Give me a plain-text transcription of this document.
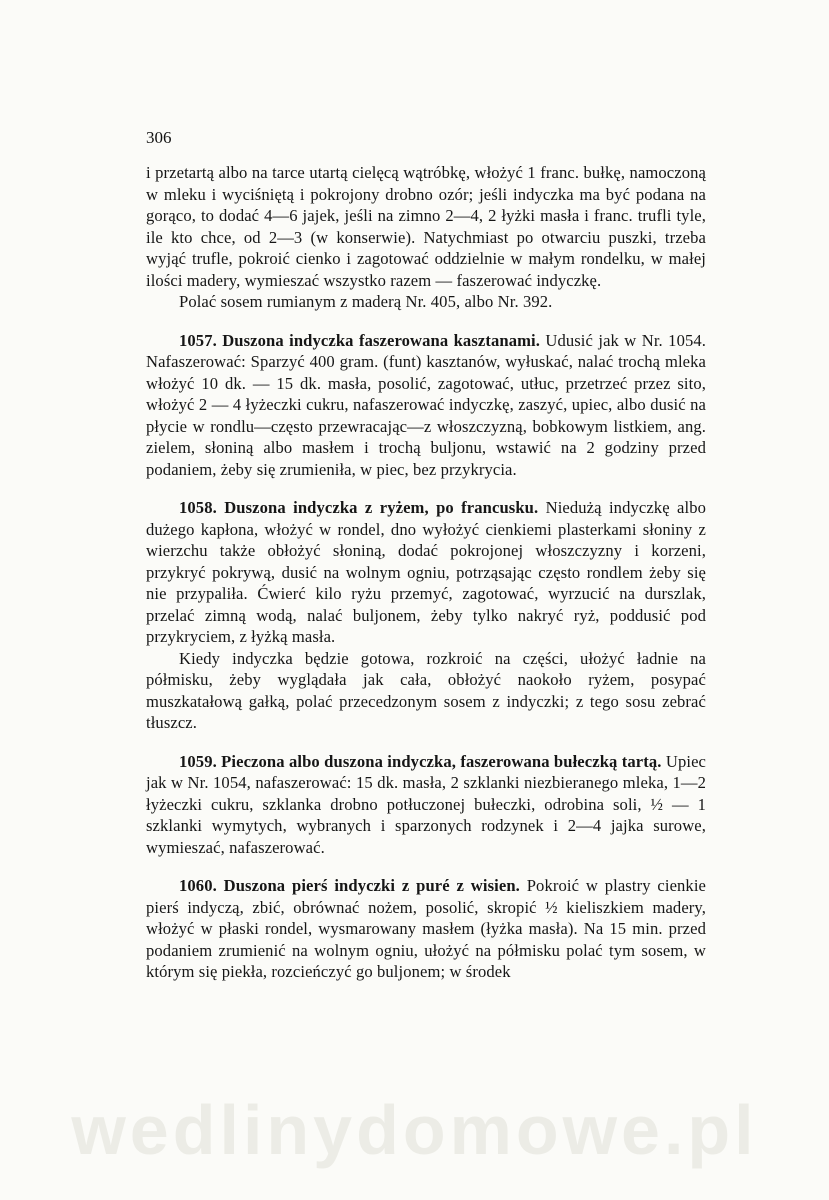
306

i przetartą albo na tarce utartą cielęcą wątróbkę, włożyć 1 franc. bułkę, namoczoną w mleku i wyciśniętą i pokrojony drobno ozór; jeśli indyczka ma być podana na gorąco, to dodać 4—6 jajek, jeśli na zimno 2—4, 2 łyżki masła i franc. trufli tyle, ile kto chce, od 2—3 (w konserwie). Natychmiast po otwarciu puszki, trzeba wyjąć trufle, pokroić cienko i zagotować oddzielnie w małym rondelku, w małej ilości madery, wymieszać wszystko razem — faszerować indyczkę.

Polać sosem rumianym z maderą Nr. 405, albo Nr. 392.

1057. Duszona indyczka faszerowana kasztanami. Udusić jak w Nr. 1054. Nafaszerować: Sparzyć 400 gram. (funt) kasztanów, wyłuskać, nalać trochą mleka włożyć 10 dk. — 15 dk. masła, posolić, zagotować, utłuc, przetrzeć przez sito, włożyć 2 — 4 łyżeczki cukru, nafaszerować indyczkę, zaszyć, upiec, albo dusić na płycie w rondlu—często przewracając—z włoszczyzną, bobkowym listkiem, ang. zielem, słoniną albo masłem i trochą buljonu, wstawić na 2 godziny przed podaniem, żeby się zrumieniła, w piec, bez przykrycia.

1058. Duszona indyczka z ryżem, po francusku. Niedużą indyczkę albo dużego kapłona, włożyć w rondel, dno wyłożyć cienkiemi plasterkami słoniny z wierzchu także obłożyć słoniną, dodać pokrojonej włoszczyzny i korzeni, przykryć pokrywą, dusić na wolnym ogniu, potrząsając często rondlem żeby się nie przypaliła. Ćwierć kilo ryżu przemyć, zagotować, wyrzucić na durszlak, przelać zimną wodą, nalać buljonem, żeby tylko nakryć ryż, poddusić pod przykryciem, z łyżką masła.

Kiedy indyczka będzie gotowa, rozkroić na części, ułożyć ładnie na półmisku, żeby wyglądała jak cała, obłożyć naokoło ryżem, posypać muszkatałową gałką, polać przecedzonym sosem z indyczki; z tego sosu zebrać tłuszcz.

1059. Pieczona albo duszona indyczka, faszerowana bułeczką tartą. Upiec jak w Nr. 1054, nafaszerować: 15 dk. masła, 2 szklanki niezbieranego mleka, 1—2 łyżeczki cukru, szklanka drobno potłuczonej bułeczki, odrobina soli, ½ — 1 szklanki wymytych, wybranych i sparzonych rodzynek i 2—4 jajka surowe, wymieszać, nafaszerować.

1060. Duszona pierś indyczki z puré z wisien. Pokroić w plastry cienkie pierś indyczą, zbić, obrównać nożem, posolić, skropić ½ kieliszkiem madery, włożyć w płaski rondel, wysmarowany masłem (łyżka masła). Na 15 min. przed podaniem zrumienić na wolnym ogniu, ułożyć na półmisku polać tym sosem, w którym się piekła, rozcieńczyć go buljonem; w środek

wedlinydomowe.pl
